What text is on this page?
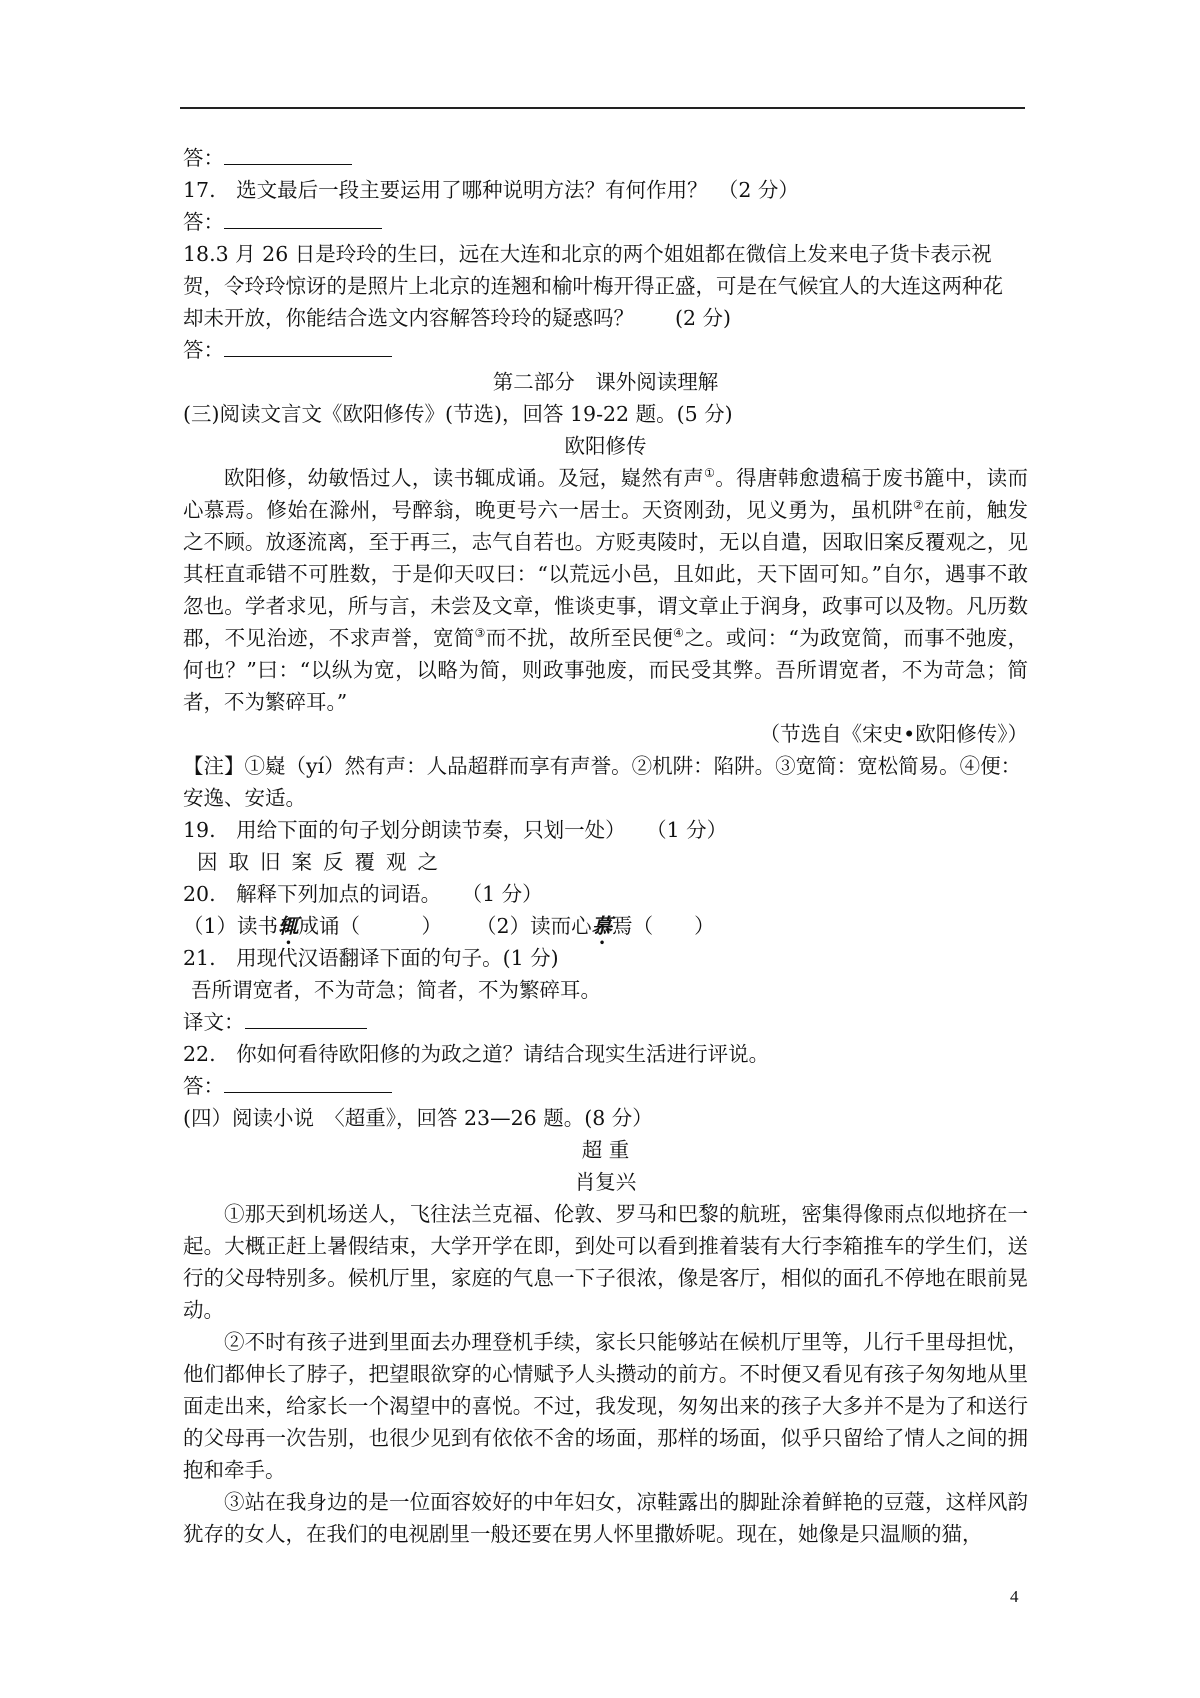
答：
17.　选文最后一段主要运用了哪种说明方法？有何作用？　（2 分）
答：
18.3 月 26 日是玲玲的生曰，远在大连和北京的两个姐姐都在微信上发来电子货卡表示祝
贺，令玲玲惊讶的是照片上北京的连翘和榆叶梅开得正盛，可是在气候宜人的大连这两种花
却未开放，你能结合选文内容解答玲玲的疑惑吗？　　(2 分)
答：
第二部分　课外阅读理解
(三)阅读文言文《欧阳修传》(节选)，回答 19-22 题。(5 分)
欧阳修传
欧阳修，幼敏悟过人，读书辄成诵。及冠，嶷然有声①。得唐韩愈遗稿于废书簏中，读而心慕焉。修始在滁州，号醉翁，晚更号六一居士。天资刚劲，见义勇为，虽机阱②在前，触发之不顾。放逐流离，至于再三，志气自若也。方贬夷陵时，无以自遣，因取旧案反覆观之，见其枉直乖错不可胜数，于是仰天叹曰：“以荒远小邑，且如此，天下固可知。”自尔，遇事不敢忽也。学者求见，所与言，未尝及文章，惟谈吏事，谓文章止于润身，政事可以及物。凡历数郡，不见治迹，不求声誉，宽简③而不扰，故所至民便④之。或问：“为政宽简，而事不弛废，何也？”曰：“以纵为宽，以略为简，则政事弛废，而民受其弊。吾所谓宽者，不为苛急；简者，不为繁碎耳。”
（节选自《宋史•欧阳修传》）
【注】①嶷（yí）然有声：人品超群而享有声誉。②机阱：陷阱。③宽简：宽松简易。④便：
安逸、安适。
19.　用给下面的句子划分朗读节奏，只划一处）　　（1 分）
因取旧案反覆观之
20.　解释下列加点的词语。　　（1 分）
（1）读书辄成诵（　　　） （2）读而心慕焉（　　）
21.　用现代汉语翻译下面的句子。(1 分)
吾所谓宽者，不为苛急；简者，不为繁碎耳。
译文：
22.　你如何看待欧阳修的为政之道？请结合现实生活进行评说。
答：
(四）阅读小说　〈超重》，回答 23—26 题。(8 分）
超 重
肖复兴
①那天到机场送人，飞往法兰克福、伦敦、罗马和巴黎的航班，密集得像雨点似地挤在一起。大概正赶上暑假结束，大学开学在即，到处可以看到推着装有大行李箱推车的学生们，送行的父母特别多。候机厅里，家庭的气息一下子很浓，像是客厅，相似的面孔不停地在眼前晃动。
②不时有孩子进到里面去办理登机手续，家长只能够站在候机厅里等，儿行千里母担忧，他们都伸长了脖子，把望眼欲穿的心情赋予人头攒动的前方。不时便又看见有孩子匆匆地从里面走出来，给家长一个渴望中的喜悦。不过，我发现，匆匆出来的孩子大多并不是为了和送行的父母再一次告别，也很少见到有依依不舍的场面，那样的场面，似乎只留给了情人之间的拥抱和牵手。
③站在我身边的是一位面容姣好的中年妇女，凉鞋露出的脚趾涂着鲜艳的豆蔻，这样风韵犹存的女人，在我们的电视剧里一般还要在男人怀里撒娇呢。现在，她像是只温顺的猫，
4
